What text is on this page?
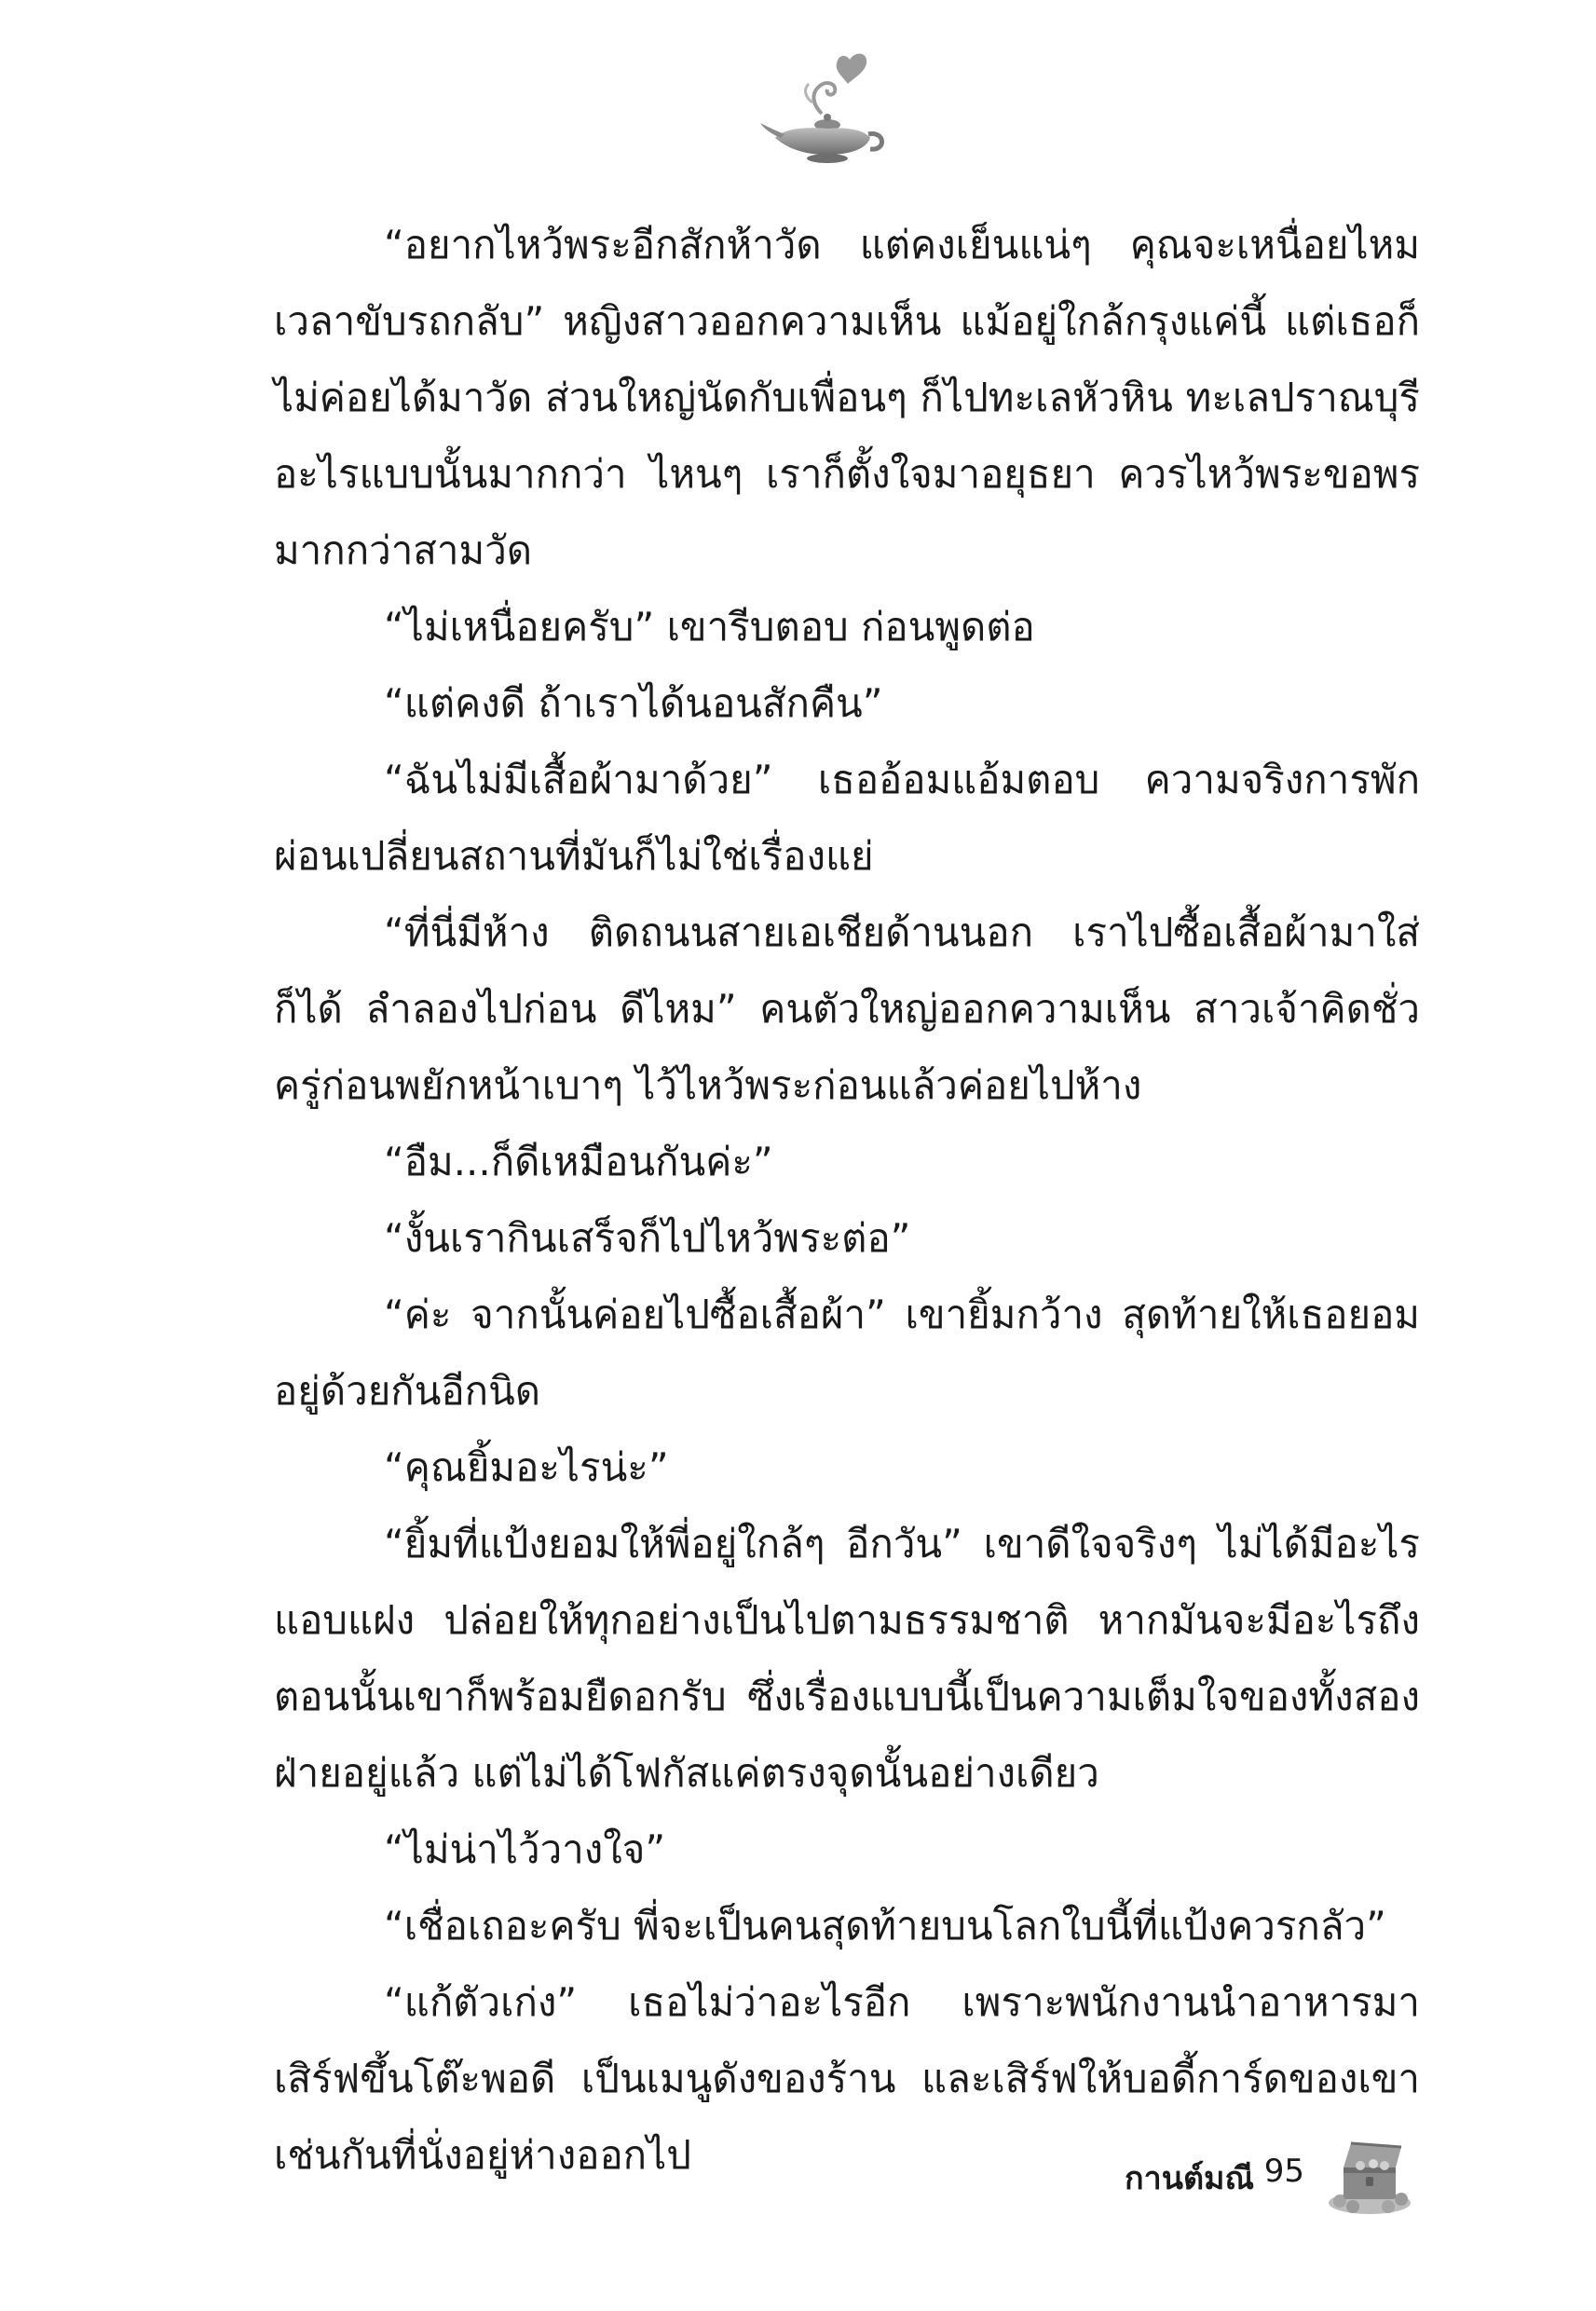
“อยากไหว้พระอีกสักห้าวัด แต่คงเย็นแน่ๆ คุณจะเหนื่อยไหม เวลาขับรถกลับ” หญิงสาวออกความเห็น แม้อยู่ใกล้กรุงแค่นี้ แต่เธอก็ไม่ค่อยได้มาวัด ส่วนใหญ่นัดกับเพื่อนๆ ก็ไปทะเลหัวหิน ทะเลปราณบุรี อะไรแบบนั้นมากกว่า ไหนๆ เราก็ตั้งใจมาอยุธยา ควรไหว้พระขอพรมากกว่าสามวัด

“ไม่เหนื่อยครับ” เขารีบตอบ ก่อนพูดต่อ

“แต่คงดี ถ้าเราได้นอนสักคืน”

“ฉันไม่มีเสื้อผ้ามาด้วย” เธออ้อมแอ้มตอบ ความจริงการพักผ่อนเปลี่ยนสถานที่มันก็ไม่ใช่เรื่องแย่

“ที่นี่มีห้าง ติดถนนสายเอเชียด้านนอก เราไปซื้อเสื้อผ้ามาใส่ก็ได้ ลำลองไปก่อน ดีไหม” คนตัวใหญ่ออกความเห็น สาวเจ้าคิดชั่วครู่ก่อนพยักหน้าเบาๆ ไว้ไหว้พระก่อนแล้วค่อยไปห้าง

“อืม...ก็ดีเหมือนกันค่ะ”

“งั้นเรากินเสร็จก็ไปไหว้พระต่อ”

“ค่ะ จากนั้นค่อยไปซื้อเสื้อผ้า” เขายิ้มกว้าง สุดท้ายให้เธอยอมอยู่ด้วยกันอีกนิด

“คุณยิ้มอะไรน่ะ”

“ยิ้มที่แป้งยอมให้พี่อยู่ใกล้ๆ อีกวัน” เขาดีใจจริงๆ ไม่ได้มีอะไรแอบแฝง ปล่อยให้ทุกอย่างเป็นไปตามธรรมชาติ หากมันจะมีอะไรถึงตอนนั้นเขาก็พร้อมยืดอกรับ ซึ่งเรื่องแบบนี้เป็นความเต็มใจของทั้งสองฝ่ายอยู่แล้ว แต่ไม่ได้โฟกัสแค่ตรงจุดนั้นอย่างเดียว

“ไม่น่าไว้วางใจ”

“เชื่อเถอะครับ พี่จะเป็นคนสุดท้ายบนโลกใบนี้ที่แป้งควรกลัว”

“แก้ตัวเก่ง” เธอไม่ว่าอะไรอีก เพราะพนักงานนำอาหารมาเสิร์ฟขึ้นโต๊ะพอดี เป็นเมนูดังของร้าน และเสิร์ฟให้บอดี้การ์ดของเขาเช่นกันที่นั่งอยู่ห่างออกไป

กานต์มณี 95
